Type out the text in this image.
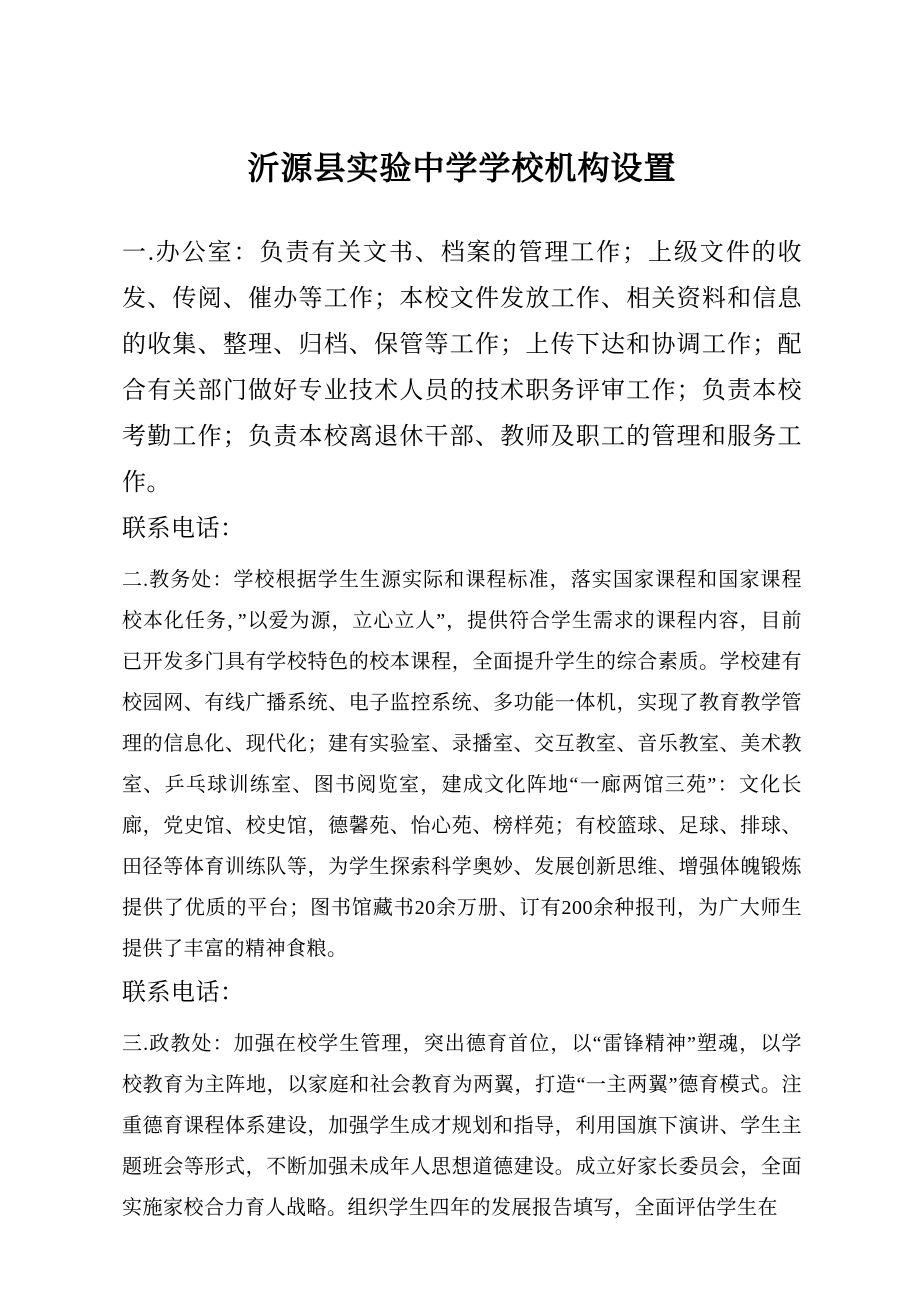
沂源县实验中学学校机构设置

一.办公室：负责有关文书、档案的管理工作；上级文件的收发、传阅、催办等工作；本校文件发放工作、相关资料和信息的收集、整理、归档、保管等工作；上传下达和协调工作；配合有关部门做好专业技术人员的技术职务评审工作；负责本校考勤工作；负责本校离退休干部、教师及职工的管理和服务工作。

联系电话：

二.教务处：学校根据学生生源实际和课程标准，落实国家课程和国家课程校本化任务，”以爱为源，立心立人”，提供符合学生需求的课程内容，目前已开发多门具有学校特色的校本课程，全面提升学生的综合素质。学校建有校园网、有线广播系统、电子监控系统、多功能一体机，实现了教育教学管理的信息化、现代化；建有实验室、录播室、交互教室、音乐教室、美术教室、乒乓球训练室、图书阅览室，建成文化阵地“一廊两馆三苑”：文化长廊，党史馆、校史馆，德馨苑、怡心苑、榜样苑；有校篮球、足球、排球、田径等体育训练队等，为学生探索科学奥妙、发展创新思维、增强体魄锻炼提供了优质的平台；图书馆藏书20余万册、订有200余种报刊，为广大师生提供了丰富的精神食粮。

联系电话：

三.政教处：加强在校学生管理，突出德育首位，以“雷锋精神”塑魂，以学校教育为主阵地，以家庭和社会教育为两翼，打造“一主两翼”德育模式。注重德育课程体系建设，加强学生成才规划和指导，利用国旗下演讲、学生主题班会等形式，不断加强未成年人思想道德建设。成立好家长委员会，全面实施家校合力育人战略。组织学生四年的发展报告填写，全面评估学生在
